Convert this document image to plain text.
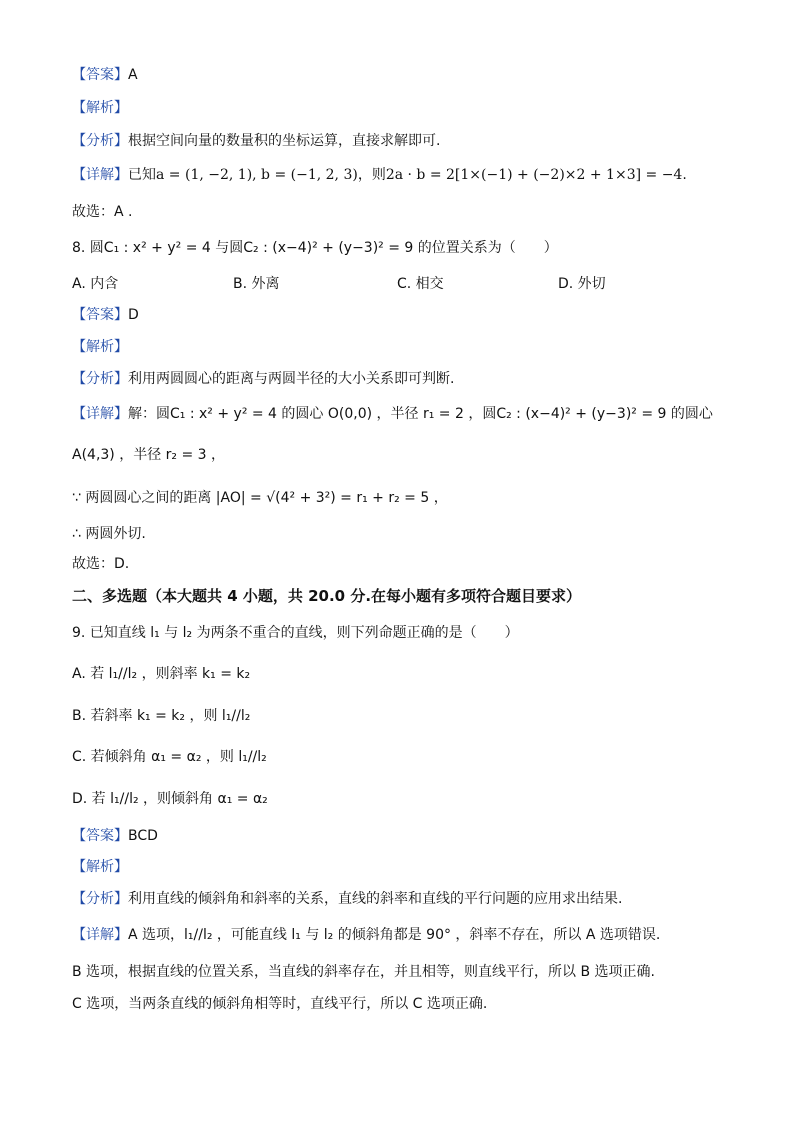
【答案】A
【解析】
【分析】根据空间向量的数量积的坐标运算，直接求解即可.
【详解】已知a = (1, −2, 1), b = (−1, 2, 3)，则2a · b = 2[1×(−1) + (−2)×2 + 1×3] = −4.
故选：A .
8. 圆C₁ : x² + y² = 4 与圆C₂ : (x−4)² + (y−3)² = 9 的位置关系为（　　）
A. 内含	B. 外离	C. 相交	D. 外切
【答案】D
【解析】
【分析】利用两圆圆心的距离与两圆半径的大小关系即可判断.
【详解】解：圆C₁ : x² + y² = 4 的圆心 O(0,0) ，半径 r₁ = 2 ，圆C₂ : (x−4)² + (y−3)² = 9 的圆心
A(4,3) ，半径 r₂ = 3 ，
∵ 两圆圆心之间的距离 |AO| = √(4² + 3²) = r₁ + r₂ = 5 ，
∴ 两圆外切.
故选：D.
二、多选题（本大题共 4 小题，共 20.0 分.在每小题有多项符合题目要求）
9. 已知直线 l₁ 与 l₂ 为两条不重合的直线，则下列命题正确的是（　　）
A. 若 l₁//l₂ ，则斜率 k₁ = k₂
B. 若斜率 k₁ = k₂ ，则 l₁//l₂
C. 若倾斜角 α₁ = α₂ ，则 l₁//l₂
D. 若 l₁//l₂ ，则倾斜角 α₁ = α₂
【答案】BCD
【解析】
【分析】利用直线的倾斜角和斜率的关系，直线的斜率和直线的平行问题的应用求出结果.
【详解】A 选项，l₁//l₂ ，可能直线 l₁ 与 l₂ 的倾斜角都是 90° ，斜率不存在，所以 A 选项错误.
B 选项，根据直线的位置关系，当直线的斜率存在，并且相等，则直线平行，所以 B 选项正确.
C 选项，当两条直线的倾斜角相等时，直线平行，所以 C 选项正确.
